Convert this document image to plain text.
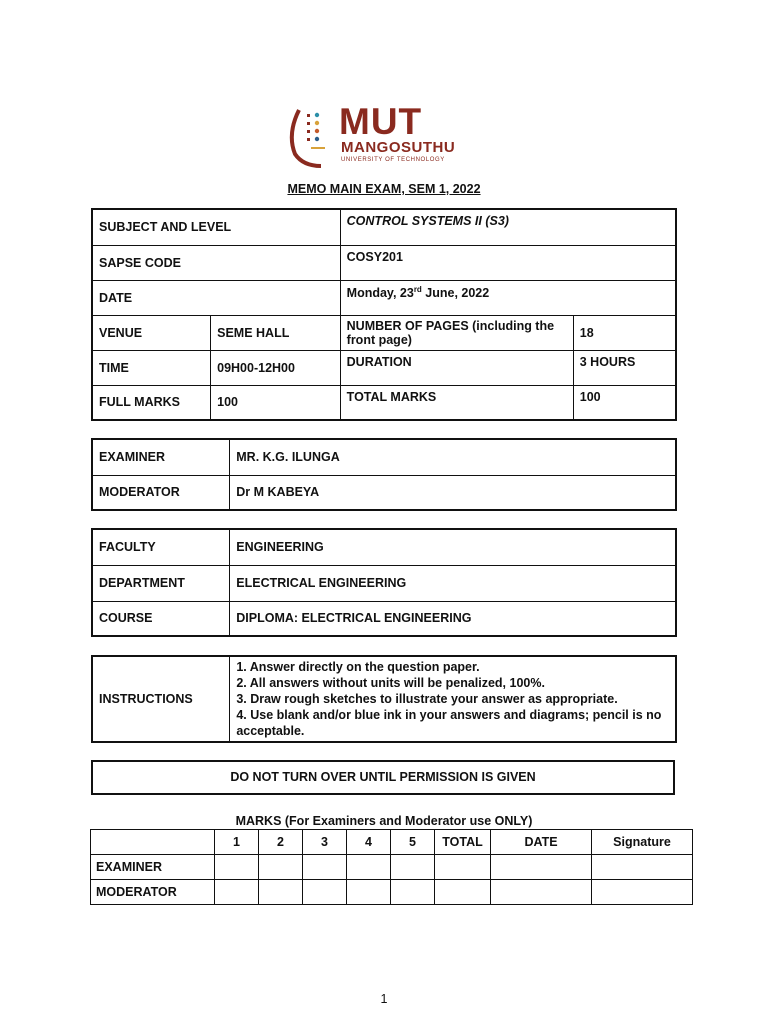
MUT
MANGOSUTHU
UNIVERSITY OF TECHNOLOGY
MEMO MAIN EXAM, SEM 1, 2022
SUBJECT AND LEVEL		CONTROL SYSTEMS II (S3)	
SAPSE CODE		COSY201	
DATE		Monday, 23rd June, 2022	
VENUE	SEME HALL	NUMBER OF PAGES (including the front page)	18
TIME	09H00-12H00	DURATION	3 HOURS
FULL MARKS	100	TOTAL MARKS	100
EXAMINER	MR. K.G. ILUNGA
MODERATOR	Dr M KABEYA
FACULTY	ENGINEERING
DEPARTMENT	ELECTRICAL ENGINEERING
COURSE	DIPLOMA: ELECTRICAL ENGINEERING
INSTRUCTIONS	
1. Answer directly on the question paper.
2. All answers without units will be penalized, 100%.
3. Draw rough sketches to illustrate your answer as appropriate.
4. Use blank and/or blue ink in your answers and diagrams; pencil is no acceptable.
DO NOT TURN OVER UNTIL PERMISSION IS GIVEN
MARKS (For Examiners and Moderator use ONLY)
	1	2	3	4	5	TOTAL	DATE	Signature
EXAMINER								
MODERATOR								
1
